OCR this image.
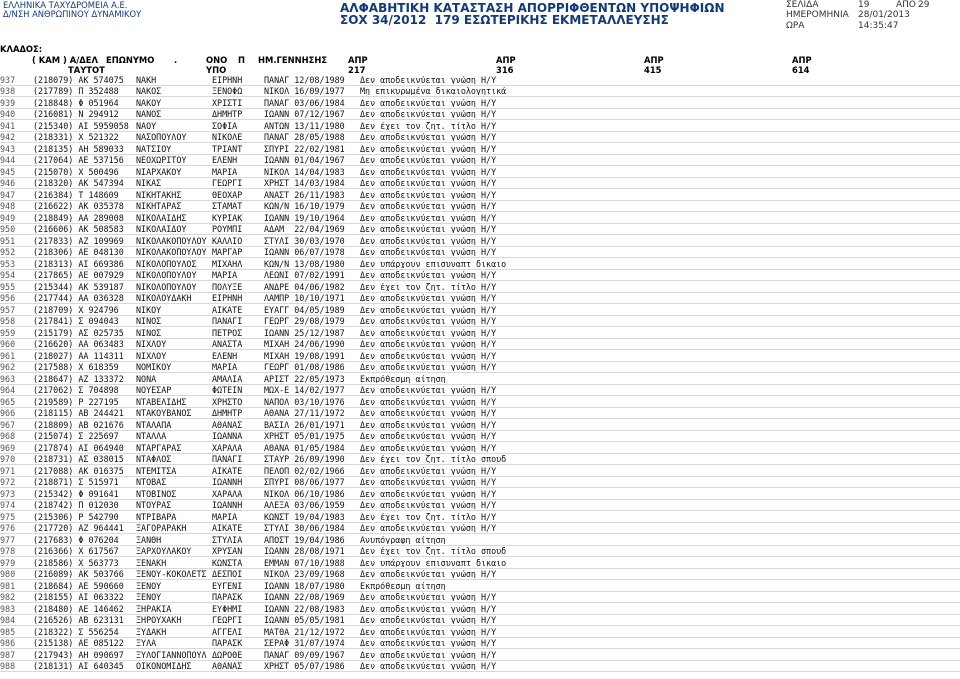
ΕΛΛΗΝΙΚΑ ΤΑΧΥΔΡΟΜΕΙΑ Α.Ε.
Δ/ΝΣΗ ΑΝΘΡΩΠΙΝΟΥ ΔΥΝΑΜΙΚΟΥ	ΑΛΦΑΒΗΤΙΚΗ ΚΑΤΑΣΤΑΣΗ ΑΠΟΡΡΙΦΘΕΝΤΩΝ ΥΠΟΨΗΦΙΩΝ
ΣΟΧ 34/2012  179 ΕΣΩΤΕΡΙΚΗΣ ΕΚΜΕΤΑΛΛΕΥΣΗΣ
ΣΕΛΙΔΑ	19	ΑΠΟ 29
ΗΜΕΡΟΜΗΝΙΑ 28/01/2013
ΩΡΑ	14:35:47
ΚΛΑΔΟΣ:
( ΚΑΜ ) Α/ΔΕΛ ΕΠΩΝΥΜΟ .	ΟΝΟ Π ΗΜ.ΓΕΝΝΗΣΗΣ ΑΠΡ	ΑΠΡ	ΑΠΡ	ΑΠΡ
ΤΑΥΤΟΤ	ΥΠΟ	217	316	415	614
937	(218079) ΑΚ 574075	ΝΑΚΗ	ΕΙΡΗΝΗ	ΠΑΝΑΓ 12/08/1989	Δεν αποδεικνύεται γνώση Η/Υ
938	(217789) Π 352488	ΝΑΚΟΣ	ΞΕΝΟΦΩ	ΝΙΚΟΛ 16/09/1977	Μη επικυρωμένα δικαιολογητικά
939	(218848) Φ 051964	ΝΑΚΟΥ	ΧΡΙΣΤΙ	ΠΑΝΑΓ 03/06/1984	Δεν αποδεικνύεται γνώση Η/Υ
940	(216081) Ν 294912	ΝΑΝΟΣ	ΔΗΜΗΤΡ	ΙΩΑΝΝ 07/12/1967	Δεν αποδεικνύεται γνώση Η/Υ
941	(215340) ΑΙ 5959058 ΝΑΟΥ	ΣΟΦΙΑ	ΑΝΤΩΝ 13/11/1980	Δεν έχει τον ζητ. τίτλο Η/Υ
942	(218331) Χ 521322	ΝΑΣΟΠΟΥΛΟΥ	ΝΙΚΟΛΕ	ΠΑΝΑΓ 28/05/1988	Δεν αποδεικνύεται γνώση Η/Υ
943	(218135) ΑΗ 589033	ΝΑΤΣΙΟΥ	ΤΡΙΑΝΤ	ΣΠΥΡΙ 22/02/1981	Δεν αποδεικνύεται γνώση Η/Υ
944	(217064) ΑΕ 537156	ΝΕΟΧΩΡΙΤΟΥ	ΕΛΕΝΗ	ΙΩΑΝΝ 01/04/1967	Δεν αποδεικνύεται γνώση Η/Υ
945	(215070) Χ 500496	ΝΙΑΡΧΑΚΟΥ	ΜΑΡΙΑ	ΝΙΚΟΛ 14/04/1983	Δεν αποδεικνύεται γνώση Η/Υ
946	(218320) ΑΚ 547394	ΝΙΚΑΣ	ΓΕΩΡΓΙ	ΧΡΗΣΤ 14/03/1984	Δεν αποδεικνύεται γνώση Η/Υ
947	(216384) Τ 148609	ΝΙΚΗΤΑΚΗΣ	ΘΕΟΧΑΡ	ΑΝΑΣΤ 26/11/1983	Δεν αποδεικνύεται γνώση Η/Υ
948	(216622) ΑΚ 035378	ΝΙΚΗΤΑΡΑΣ	ΣΤΑΜΑΤ	ΚΩΝ/Ν 16/10/1979	Δεν αποδεικνύεται γνώση Η/Υ
949	(218849) ΑΑ 289008	ΝΙΚΟΛΑΙΔΗΣ	ΚΥΡΙΑΚ	ΙΩΑΝΝ 19/10/1964	Δεν αποδεικνύεται γνώση Η/Υ
950	(216606) ΑΚ 508583	ΝΙΚΟΛΑΙΔΟΥ	ΡΟΥΜΠΙ	ΑΔΑΜ  22/04/1969	Δεν αποδεικνύεται γνώση Η/Υ
951	(217833) ΑΖ 109969	ΝΙΚΟΛΑΚΟΠΟΥΛΟΥ ΚΑΛΛΙΟ	ΣΤΥΛΙ 30/03/1970	Δεν αποδεικνύεται γνώση Η/Υ
952	(218306) ΑΕ 048130	ΝΙΚΟΛΑΚΟΠΟΥΛΟΥ ΜΑΡΓΑΡ	ΙΩΑΝΝ 06/07/1978	Δεν αποδεικνύεται γνώση Η/Υ
953	(218313) ΑΙ 669386	ΝΙΚΟΛΟΠΟΥΛΟΣ	ΜΙΧΑΗΛ	ΚΩΝ/Ν 13/08/1980	Δεν υπάρχουν επισυναπτ δικαιο
954	(217865) ΑΕ 007929	ΝΙΚΟΛΟΠΟΥΛΟΥ	ΜΑΡΙΑ	ΛΕΩΝΙ 07/02/1991	Δεν αποδεικνύεται γνώση Η/Υ
955	(215344) ΑΚ 539187	ΝΙΚΟΛΟΠΟΥΛΟΥ	ΠΟΛΥΞΕ	ΑΝΔΡΕ 04/06/1982	Δεν έχει τον ζητ. τίτλο Η/Υ
956	(217744) ΑΑ 036328	ΝΙΚΟΛΟΥΔΑΚΗ	ΕΙΡΗΝΗ	ΛΑΜΠΡ 10/10/1971	Δεν αποδεικνύεται γνώση Η/Υ
957	(218709) Χ 924796	ΝΙΚΟΥ	ΑΙΚΑΤΕ	ΕΥΑΓΓ 04/05/1989	Δεν αποδεικνύεται γνώση Η/Υ
958	(217841) Σ 094043	ΝΙΝΟΣ	ΠΑΝΑΓΙ	ΓΕΩΡΓ 29/08/1979	Δεν αποδεικνύεται γνώση Η/Υ
959	(215179) ΑΣ 025735	ΝΙΝΟΣ	ΠΕΤΡΟΣ	ΙΩΑΝΝ 25/12/1987	Δεν αποδεικνύεται γνώση Η/Υ
960	(216620) ΑΑ 063483	ΝΙΧΛΟΥ	ΑΝΑΣΤΑ	ΜΙΧΑΗ 24/06/1990	Δεν αποδεικνύεται γνώση Η/Υ
961	(218027) ΑΑ 114311	ΝΙΧΛΟΥ	ΕΛΕΝΗ	ΜΙΧΑΗ 19/08/1991	Δεν αποδεικνύεται γνώση Η/Υ
962	(217588) Χ 618359	ΝΟΜΙΚΟΥ	ΜΑΡΙΑ	ΓΕΩΡΓ 01/08/1986	Δεν αποδεικνύεται γνώση Η/Υ
963	(218647) ΑΖ 133372	ΝΟΝΑ	ΑΜΑΛΙΑ	ΑΡΙΣΤ 22/05/1973	Εκπρόθεσμη αίτηση
964	(217062) Σ 704898	ΝΟΥΕΣΑΡ	ΦΩΤΕΙΝ	ΜΩΧ-Ε 14/02/1977	Δεν αποδεικνύεται γνώση Η/Υ
965	(219589) Ρ 227195	ΝΤΑΒΕΛΙΔΗΣ	ΧΡΗΣΤΟ	ΝΑΠΟΛ 03/10/1976	Δεν αποδεικνύεται γνώση Η/Υ
966	(218115) ΑΒ 244421	ΝΤΑΚΟΥΒΑΝΟΣ	ΔΗΜΗΤΡ	ΑΘΑΝΑ 27/11/1972	Δεν αποδεικνύεται γνώση Η/Υ
967	(218809) ΑΒ 021676	ΝΤΑΛΑΠΑ	ΑΘΑΝΑΣ	ΒΑΣΙΛ 26/01/1971	Δεν αποδεικνύεται γνώση Η/Υ
968	(215074) Σ 225697	ΝΤΑΛΛΑ	ΙΩΑΝΝΑ	ΧΡΗΣΤ 05/01/1975	Δεν αποδεικνύεται γνώση Η/Υ
969	(217874) ΑΙ 064940	ΝΤΑΡΓΑΡΑΣ	ΧΑΡΑΛΑ	ΑΘΑΝΑ 01/05/1984	Δεν αποδεικνύεται γνώση Η/Υ
970	(218731) ΑΣ 038015	ΝΤΑΦΛΟΣ	ΠΑΝΑΓΙ	ΣΤΑΥΡ 26/09/1990	Δεν έχει τον ζητ. τίτλο σπουδ
971	(217088) ΑΚ 016375	ΝΤΕΜΙΤΣΑ	ΑΙΚΑΤΕ	ΠΕΛΟΠ 02/02/1966	Δεν αποδεικνύεται γνώση Η/Υ
972	(218871) Σ 515971	ΝΤΟΒΑΣ	ΙΩΑΝΝΗ	ΣΠΥΡΙ 08/06/1977	Δεν αποδεικνύεται γνώση Η/Υ
973	(215342) Φ 091641	ΝΤΟΒΙΝΟΣ	ΧΑΡΑΛΑ	ΝΙΚΟΛ 06/10/1986	Δεν αποδεικνύεται γνώση Η/Υ
974	(218742) Π 012030	ΝΤΟΥΡΑΣ	ΙΩΑΝΝΗ	ΑΛΕΞΑ 03/06/1959	Δεν αποδεικνύεται γνώση Η/Υ
975	(215306) Ρ 542790	ΝΤΡΙΒΑΡΑ	ΜΑΡΙΑ	ΚΩΝΣΤ 19/04/1983	Δεν έχει τον ζητ. τίτλο Η/Υ
976	(217720) ΑΖ 964441	ΞΑΓΟΡΑΡΑΚΗ	ΑΙΚΑΤΕ	ΣΤΥΛΙ 30/06/1984	Δεν αποδεικνύεται γνώση Η/Υ
977	(217683) Φ 076204	ΞΑΝΘΗ	ΣΤΥΛΙΑ	ΑΠΟΣΤ 19/04/1986	Ανυπόγραφη αίτηση
978	(216366) Χ 617567	ΞΑΡΧΟΥΛΑΚΟΥ	ΧΡΥΣΑΝ	ΙΩΑΝΝ 28/08/1971	Δεν έχει τον ζητ. τίτλο σπουδ
979	(218586) Χ 563773	ΞΕΝΑΚΗ	ΚΩΝΣΤΑ	ΕΜΜΑΝ 07/10/1988	Δεν υπάρχουν επισυναπτ δικαιο
980	(216089) ΑΚ 503766	ΞΕΝΟΥ-ΚΟΚΟΛΕΤΣ ΔΕΣΠΟΙ	ΝΙΚΟΛ 23/09/1968	Δεν αποδεικνύεται γνώση Η/Υ
981	(218684) ΑΕ 590660	ΞΕΝΟΥ	ΕΥΓΕΝΙ	ΙΩΑΝΝ 18/07/1980	Εκπρόθεσμη αίτηση
982	(218155) ΑΙ 063322	ΞΕΝΟΥ	ΠΑΡΑΣΚ	ΙΩΑΝΝ 22/08/1969	Δεν αποδεικνύεται γνώση Η/Υ
983	(218480) ΑΕ 146462	ΞΗΡΑΚΙΑ	ΕΥΦΗΜΙ	ΙΩΑΝΝ 22/08/1983	Δεν αποδεικνύεται γνώση Η/Υ
984	(216526) ΑΒ 623131	ΞΗΡΟΥΧΑΚΗ	ΓΕΩΡΓΙ	ΙΩΑΝΝ 05/05/1981	Δεν αποδεικνύεται γνώση Η/Υ
985	(218322) Σ 556254	ΞΥΔΑΚΗ	ΑΓΓΕΛΙ	ΜΑΤΘΑ 21/12/1972	Δεν αποδεικνύεται γνώση Η/Υ
986	(215138) ΑΕ 085122	ΞΥΛΑ	ΠΑΡΑΣΚ	ΣΕΡΑΦ 31/07/1974	Δεν αποδεικνύεται γνώση Η/Υ
987	(217943) ΑΗ 090697	ΞΥΛΟΓΙΑΝΝΟΠΟΥΛ ΔΩΡΟΘΕ	ΠΑΝΑΓ 09/09/1967	Δεν αποδεικνύεται γνώση Η/Υ
988	(218131) ΑΙ 640345	ΟΙΚΟΝΟΜΙΔΗΣ	ΑΘΑΝΑΣ	ΧΡΗΣΤ 05/07/1986	Δεν αποδεικνύεται γνώση Η/Υ
